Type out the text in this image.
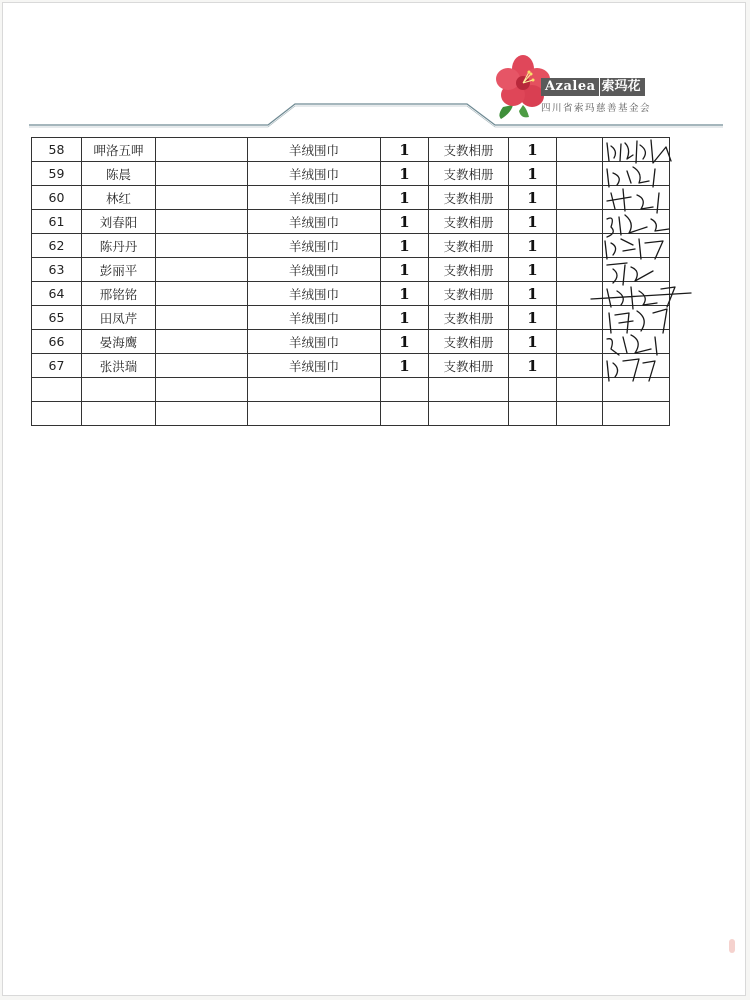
Azalea 索玛花
四川省索玛慈善基金会
58	呷洛五呷		羊绒围巾	1	支教相册	1		
59	陈晨		羊绒围巾	1	支教相册	1		
60	林红		羊绒围巾	1	支教相册	1		
61	刘春阳		羊绒围巾	1	支教相册	1		
62	陈丹丹		羊绒围巾	1	支教相册	1		
63	彭丽平		羊绒围巾	1	支教相册	1		
64	邢铭铭		羊绒围巾	1	支教相册	1		
65	田凤芹		羊绒围巾	1	支教相册	1		
66	晏海鹰		羊绒围巾	1	支教相册	1		
67	张洪瑞		羊绒围巾	1	支教相册	1		
